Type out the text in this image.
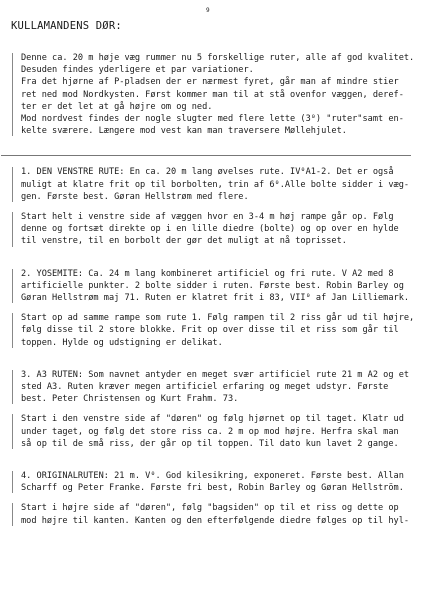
9
KULLAMANDENS DØR:
Denne ca. 20 m høje væg rummer nu 5 forskellige ruter, alle af god kvalitet.
Desuden findes yderligere et par variationer.
Fra det hjørne af P-pladsen der er nærmest fyret, går man af mindre stier
ret ned mod Nordkysten. Først kommer man til at stå ovenfor væggen, deref-
ter er det let at gå højre om og ned.
Mod nordvest findes der nogle slugter med flere lette (3⁰) "ruter"samt en-
kelte sværere. Længere mod vest kan man traversere Møllehjulet.
1. DEN VENSTRE RUTE: En ca. 20 m lang øvelses rute. IV⁰A1-2. Det er også
muligt at klatre frit op til borbolten, trin af 6⁰.Alle bolte sidder i væg-
gen. Første best. Gøran Hellstrøm med flere.
Start helt i venstre side af væggen hvor en 3-4 m høj rampe går op. Følg
denne og fortsæt direkte op i en lille diedre (bolte) og op over en hylde
til venstre, til en borbolt der gør det muligt at nå toprisset.
2. YOSEMITE: Ca. 24 m lang kombineret artificiel og fri rute. V A2 med 8
artificielle punkter. 2 bolte sidder i ruten. Første best. Robin Barley og
Gøran Hellstrøm maj 71. Ruten er klatret frit i 83, VII⁰ af Jan Lilliemark.
Start op ad samme rampe som rute 1. Følg rampen til 2 riss går ud til højre,
følg disse til 2 store blokke. Frit op over disse til et riss som går til
toppen. Hylde og udstigning er delikat.
3. A3 RUTEN: Som navnet antyder en meget svær artificiel rute 21 m A2 og et
sted A3. Ruten kræver megen artificiel erfaring og meget udstyr. Første
best. Peter Christensen og Kurt Frahm. 73.
Start i den venstre side af "døren" og følg hjørnet op til taget. Klatr ud
under taget, og følg det store riss ca. 2 m op mod højre. Herfra skal man
så op til de små riss, der går op til toppen. Til dato kun lavet 2 gange.
4. ORIGINALRUTEN: 21 m. V⁰. God kilesikring, exponeret. Første best. Allan
Scharff og Peter Franke. Første fri best, Robin Barley og Gøran Hellström.
Start i højre side af "døren", følg "bagsiden" op til et riss og dette op
mod højre til kanten. Kanten og den efterfølgende diedre følges op til hyl-
